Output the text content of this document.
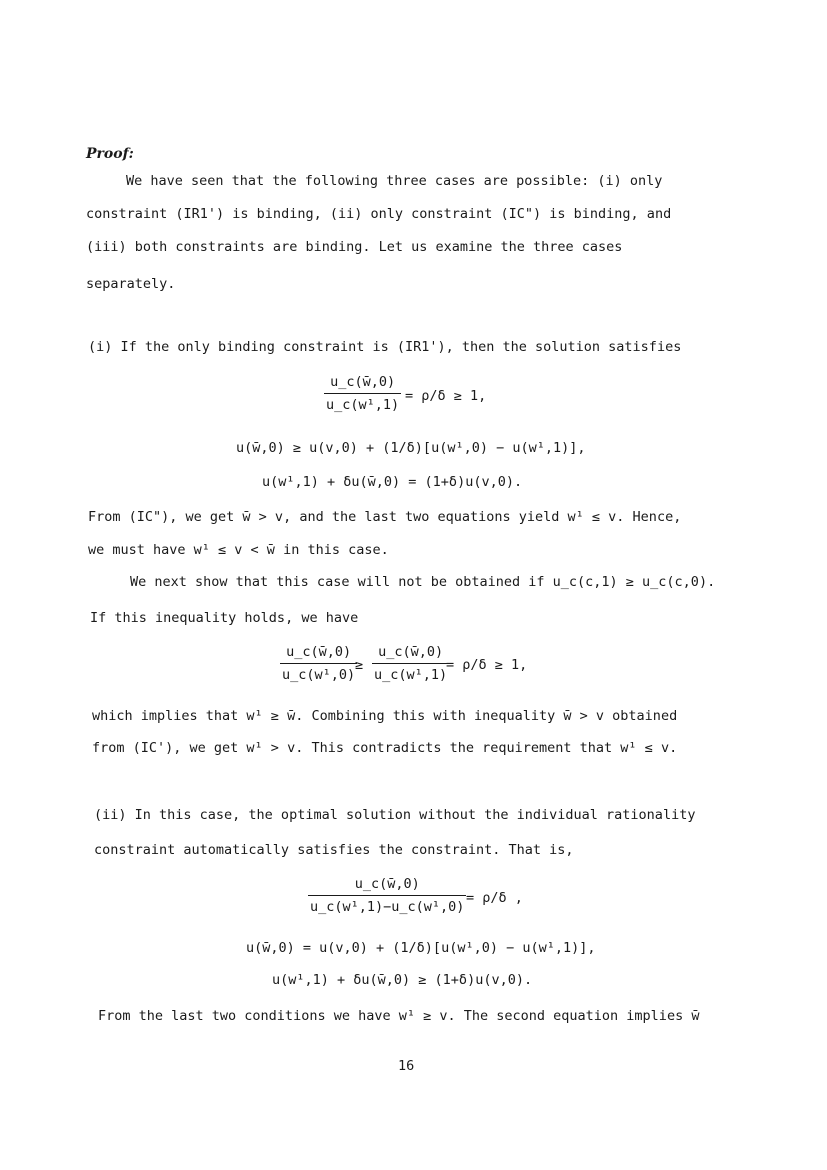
Proof:
We have seen that the following three cases are possible: (i) only
constraint (IR1') is binding, (ii) only constraint (IC") is binding, and
(iii) both constraints are binding. Let us examine the three cases
separately.
(i) If the only binding constraint is (IR1'), then the solution satisfies
u_c(w̄,0)
u_c(w¹,1)
= ρ/δ ≥ 1,
u(w̄,0) ≥ u(v,0) + (1/δ)[u(w¹,0) − u(w¹,1)],
u(w¹,1) + δu(w̄,0) = (1+δ)u(v,0).
From (IC"), we get w̄ > v, and the last two equations yield w¹ ≤ v. Hence,
we must have w¹ ≤ v < w̄ in this case.
We next show that this case will not be obtained if u_c(c,1) ≥ u_c(c,0).
If this inequality holds, we have
u_c(w̄,0)
u_c(w¹,0)
≥
u_c(w̄,0)
u_c(w¹,1)
= ρ/δ ≥ 1,
which implies that w¹ ≥ w̄. Combining this with inequality w̄ > v obtained
from (IC'), we get w¹ > v. This contradicts the requirement that w¹ ≤ v.
(ii) In this case, the optimal solution without the individual rationality
constraint automatically satisfies the constraint. That is,
u_c(w̄,0)
u_c(w¹,1)−u_c(w¹,0)
= ρ/δ ,
u(w̄,0) = u(v,0) + (1/δ)[u(w¹,0) − u(w¹,1)],
u(w¹,1) + δu(w̄,0) ≥ (1+δ)u(v,0).
From the last two conditions we have w¹ ≥ v. The second equation implies w̄
16
